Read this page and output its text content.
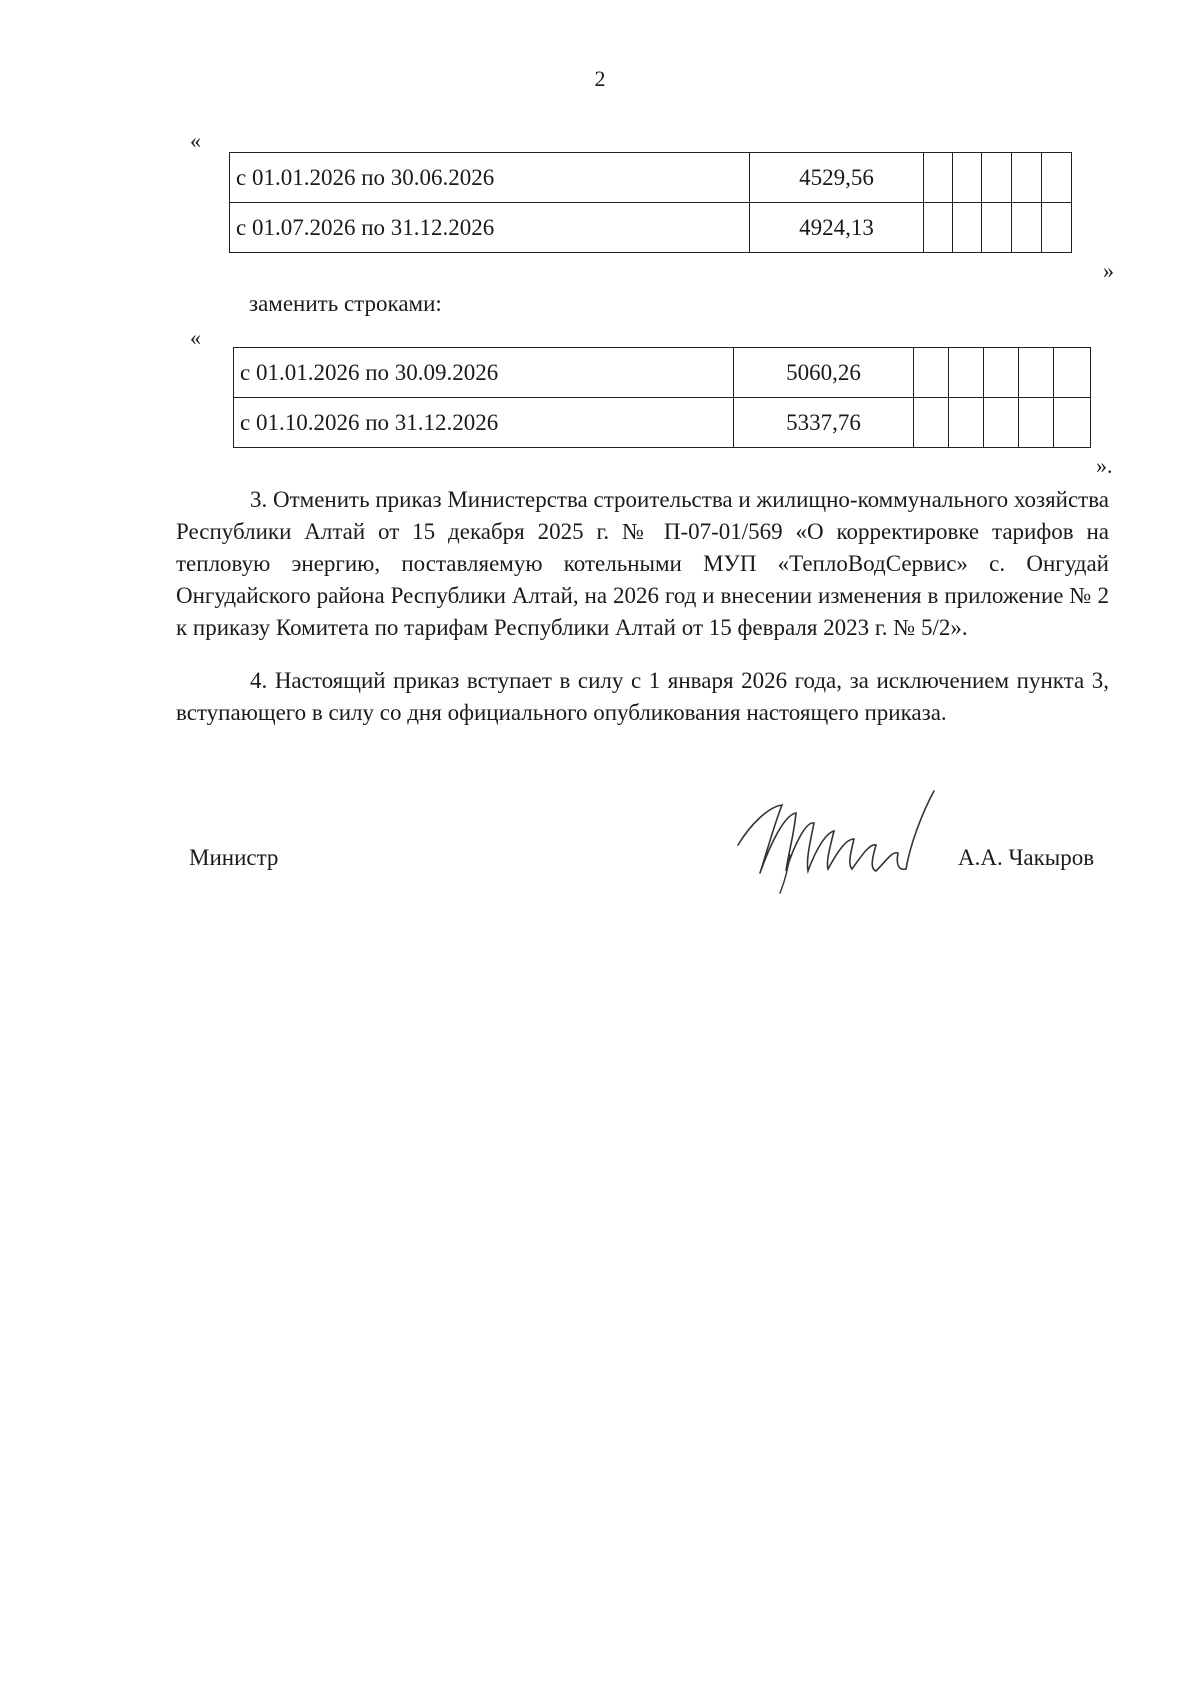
2
«
с 01.01.2026 по 30.06.2026	4529,56					
с 01.07.2026 по 31.12.2026	4924,13					
»
заменить строками:
«
с 01.01.2026 по 30.09.2026	5060,26					
с 01.10.2026 по 31.12.2026	5337,76					
».

3. Отменить приказ Министерства строительства и жилищно-коммунального хозяйства Республики Алтай от 15 декабря 2025 г. № П-07-01/569 «О корректировке тарифов на тепловую энергию, поставляемую котельными МУП «ТеплоВодСервис» с. Онгудай Онгудайского района Республики Алтай, на 2026 год и внесении изменения в приложение № 2 к приказу Комитета по тарифам Республики Алтай от 15 февраля 2023 г. № 5/2».

4. Настоящий приказ вступает в силу с 1 января 2026 года, за исключением пункта 3, вступающего в силу со дня официального опубликования настоящего приказа.

Министр	А.А. Чакыров
